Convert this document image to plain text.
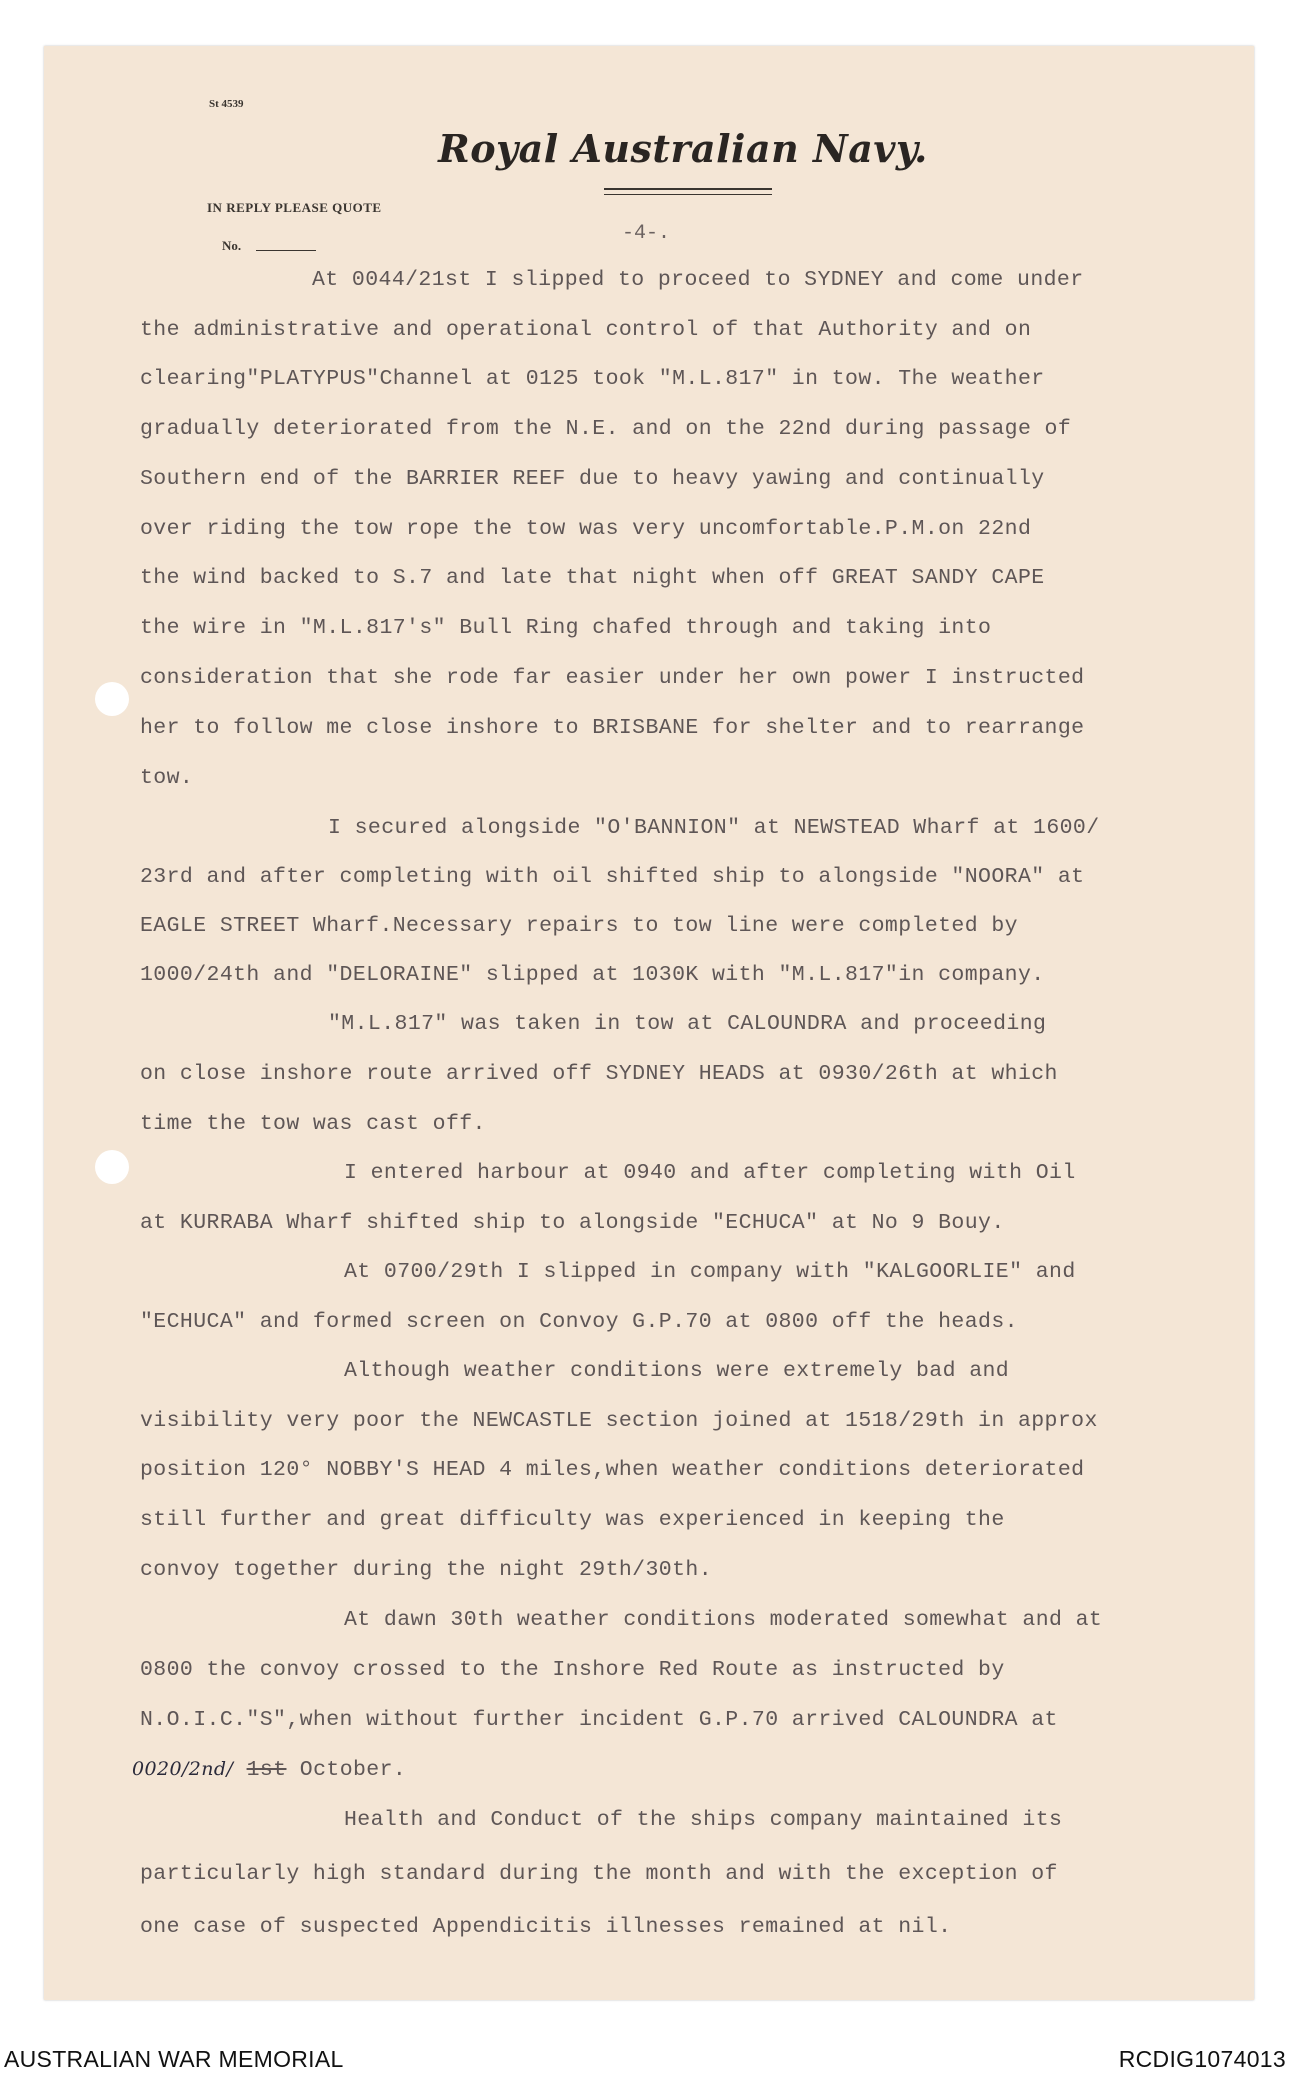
St 4539
Royal Australian Navy.
IN REPLY PLEASE QUOTE
No.
-4-.
At 0044/21st I slipped to proceed to SYDNEY and come under
the administrative and operational control of that Authority and on
clearing"PLATYPUS"Channel at 0125 took "M.L.817" in tow. The weather
gradually deteriorated from the N.E. and on the 22nd during passage of
Southern end of the BARRIER REEF due to heavy yawing and continually
over riding the tow rope the tow was very uncomfortable.P.M.on 22nd
the wind backed to S.7 and late that night when off GREAT SANDY CAPE
the wire in "M.L.817's" Bull Ring chafed through and taking into
consideration that she rode far easier under her own power I instructed
her to follow me close inshore to BRISBANE for shelter and to rearrange
tow.
I secured alongside "O'BANNION" at NEWSTEAD Wharf at 1600/
23rd and after completing with oil shifted ship to alongside "NOORA" at
EAGLE STREET Wharf.Necessary repairs to tow line were completed by
1000/24th and "DELORAINE" slipped at 1030K with "M.L.817"in company.
"M.L.817" was taken in tow at CALOUNDRA and proceeding
on close inshore route arrived off SYDNEY HEADS at 0930/26th at which
time the tow was cast off.
I entered harbour at 0940 and after completing with Oil
at KURRABA Wharf shifted ship to alongside "ECHUCA" at No 9 Bouy.
At 0700/29th I slipped in company with "KALGOORLIE" and
"ECHUCA" and formed screen on Convoy G.P.70 at 0800 off the heads.
Although weather conditions were extremely bad and
visibility very poor the NEWCASTLE section joined at 1518/29th in approx
position 120° NOBBY'S HEAD 4 miles,when weather conditions deteriorated
still further and great difficulty was experienced in keeping the
convoy together during the night 29th/30th.
At dawn 30th weather conditions moderated somewhat and at
0800 the convoy crossed to the Inshore Red Route as instructed by
N.O.I.C."S",when without further incident G.P.70 arrived CALOUNDRA at
0020/2nd/ 1st October.
Health and Conduct of the ships company maintained its
particularly high standard during the month and with the exception of
one case of suspected Appendicitis illnesses remained at nil.
AUSTRALIAN WAR MEMORIAL	RCDIG1074013
